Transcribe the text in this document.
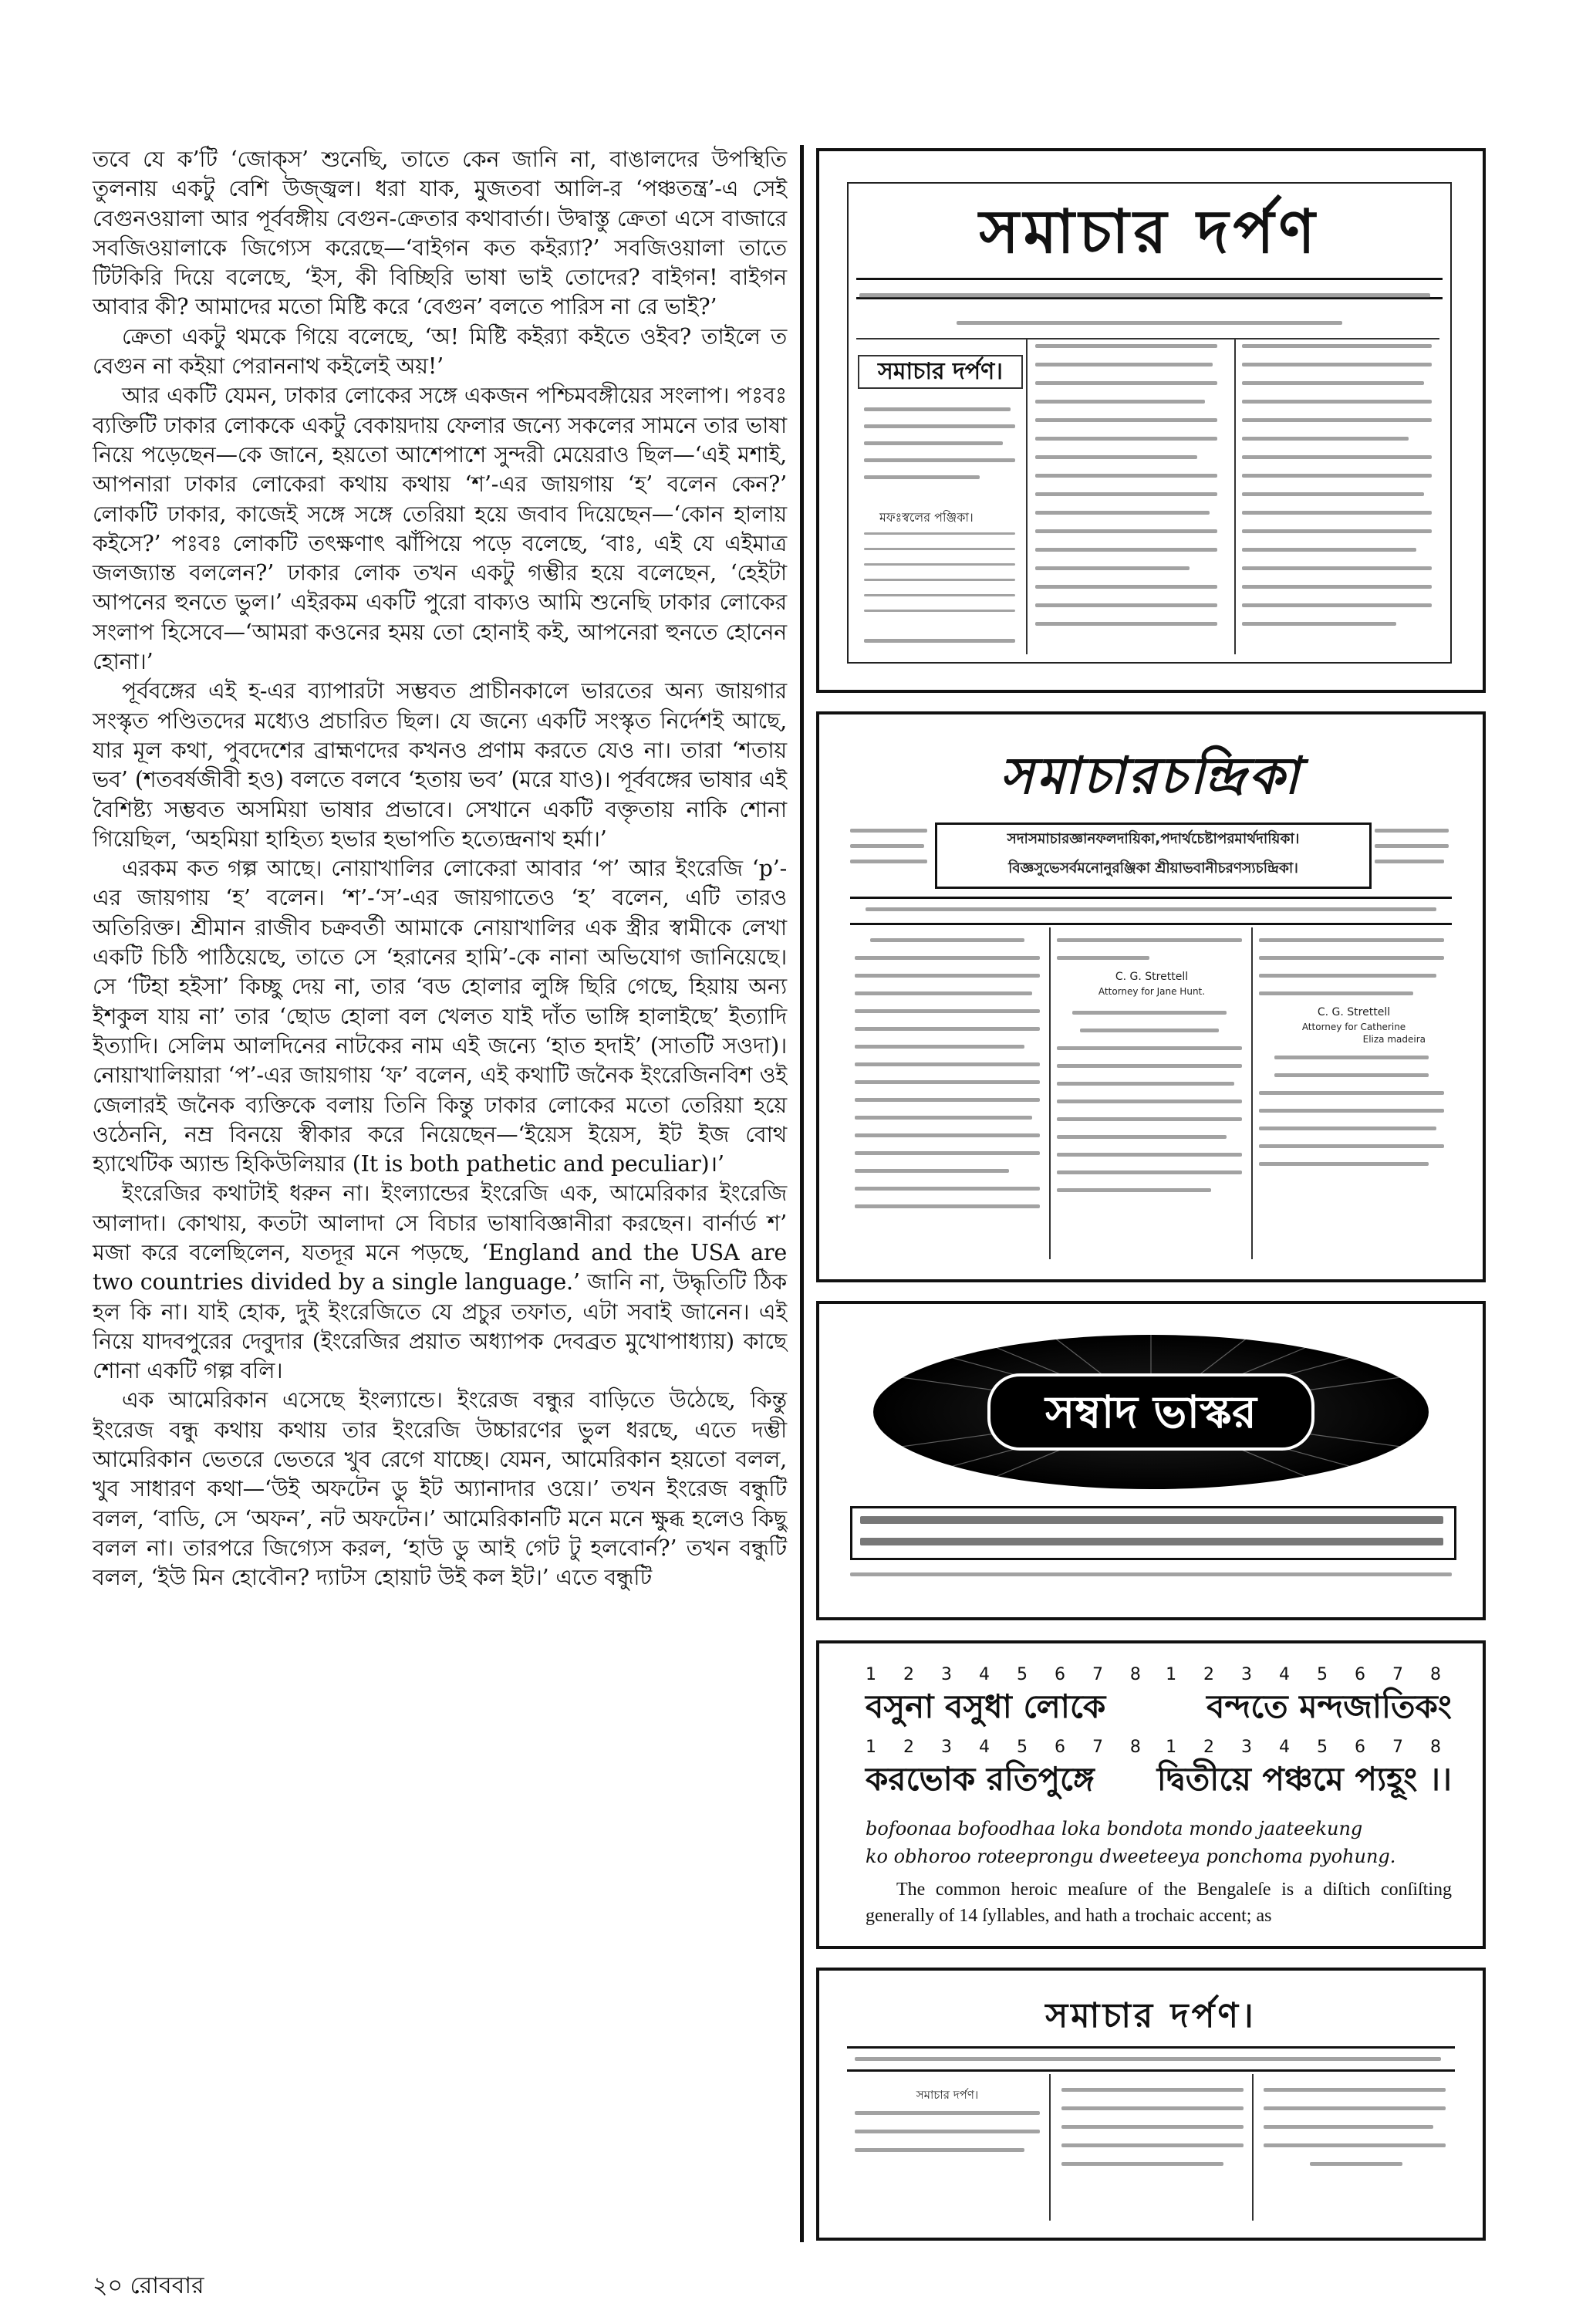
তবে যে ক’টি ‘জোক্‌স’ শুনেছি, তাতে কেন জানি না, বাঙালদের উপস্থিতি তুলনায় একটু বেশি উজ্জ্বল। ধরা যাক, মুজতবা আলি-র ‘পঞ্চতন্ত্র’-এ সেই বেগুনওয়ালা আর পূর্ববঙ্গীয় বেগুন-ক্রেতার কথাবার্তা। উদ্বাস্তু ক্রেতা এসে বাজারে সবজিওয়ালাকে জিগ্যেস করেছে—‘বাইগন কত কইর‍্যা?’ সবজিওয়ালা তাতে টিটকিরি দিয়ে বলেছে, ‘ইস, কী বিচ্ছিরি ভাষা ভাই তোদের? বাইগন! বাইগন আবার কী? আমাদের মতো মিষ্টি করে ‘বেগুন’ বলতে পারিস না রে ভাই?’

ক্রেতা একটু থমকে গিয়ে বলেছে, ‘অ! মিষ্টি কইর‍্যা কইতে ওইব? তাইলে ত বেগুন না কইয়া পেরাননাথ কইলেই অয়!’

আর একটি যেমন, ঢাকার লোকের সঙ্গে একজন পশ্চিমবঙ্গীয়ের সংলাপ। পঃবঃ ব্যক্তিটি ঢাকার লোককে একটু বেকায়দায় ফেলার জন্যে সকলের সামনে তার ভাষা নিয়ে পড়েছেন—কে জানে, হয়তো আশেপাশে সুন্দরী মেয়েরাও ছিল—‘এই মশাই, আপনারা ঢাকার লোকেরা কথায় কথায় ‘শ’-এর জায়গায় ‘হ’ বলেন কেন?’ লোকটি ঢাকার, কাজেই সঙ্গে সঙ্গে তেরিয়া হয়ে জবাব দিয়েছেন—‘কোন হালায় কইসে?’ পঃবঃ লোকটি তৎক্ষণাৎ ঝাঁপিয়ে পড়ে বলেছে, ‘বাঃ, এই যে এইমাত্র জলজ্যান্ত বললেন?’ ঢাকার লোক তখন একটু গম্ভীর হয়ে বলেছেন, ‘হেইটা আপনের হুনতে ভুল।’ এইরকম একটি পুরো বাক্যও আমি শুনেছি ঢাকার লোকের সংলাপ হিসেবে—‘আমরা কওনের হময় তো হোনাই কই, আপনেরা হুনতে হোনেন হোনা।’

পূর্ববঙ্গের এই হ-এর ব্যাপারটা সম্ভবত প্রাচীনকালে ভারতের অন্য জায়গার সংস্কৃত পণ্ডিতদের মধ্যেও প্রচারিত ছিল। যে জন্যে একটি সংস্কৃত নির্দেশই আছে, যার মূল কথা, পুবদেশের ব্রাহ্মণদের কখনও প্রণাম করতে যেও না। তারা ‘শতায় ভব’ (শতবর্ষজীবী হও) বলতে বলবে ‘হতায় ভব’ (মরে যাও)। পূর্ববঙ্গের ভাষার এই বৈশিষ্ট্য সম্ভবত অসমিয়া ভাষার প্রভাবে। সেখানে একটি বক্তৃতায় নাকি শোনা গিয়েছিল, ‘অহমিয়া হাহিত্য হভার হভাপতি হত্যেন্দ্রনাথ হর্মা।’

এরকম কত গল্প আছে। নোয়াখালির লোকেরা আবার ‘প’ আর ইংরেজি ‘p’-এর জায়গায় ‘হ’ বলেন। ‘শ’-‘স’-এর জায়গাতেও ‘হ’ বলেন, এটি তারও অতিরিক্ত। শ্রীমান রাজীব চক্রবর্তী আমাকে নোয়াখালির এক স্ত্রীর স্বামীকে লেখা একটি চিঠি পাঠিয়েছে, তাতে সে ‘হরানের হামি’-কে নানা অভিযোগ জানিয়েছে। সে ‘টিহা হইসা’ কিচ্ছু দেয় না, তার ‘বড হোলার লুঙ্গি ছিরি গেছে, হিয়ায় অন্য ইশকুল যায় না’ তার ‘ছোড হোলা বল খেলত যাই দাঁত ভাঙ্গি হালাইছে’ ইত্যাদি ইত্যাদি। সেলিম আলদিনের নাটকের নাম এই জন্যে ‘হাত হদাই’ (সাতটি সওদা)। নোয়াখালিয়ারা ‘প’-এর জায়গায় ‘ফ’ বলেন, এই কথাটি জনৈক ইংরেজিনবিশ ওই জেলারই জনৈক ব্যক্তিকে বলায় তিনি কিন্তু ঢাকার লোকের মতো তেরিয়া হয়ে ওঠেননি, নম্র বিনয়ে স্বীকার করে নিয়েছেন—‘ইয়েস ইয়েস, ইট ইজ বোথ হ্যাথেটিক অ্যান্ড হিকিউলিয়ার (It is both pathetic and peculiar)।’

ইংরেজির কথাটাই ধরুন না। ইংল্যান্ডের ইংরেজি এক, আমেরিকার ইংরেজি আলাদা। কোথায়, কতটা আলাদা সে বিচার ভাষাবিজ্ঞানীরা করছেন। বার্নার্ড শ’ মজা করে বলেছিলেন, যতদূর মনে পড়ছে, ‘England and the USA are two countries divided by a single language.’ জানি না, উদ্ধৃতিটি ঠিক হল কি না। যাই হোক, দুই ইংরেজিতে যে প্রচুর তফাত, এটা সবাই জানেন। এই নিয়ে যাদবপুরের দেবুদার (ইংরেজির প্রয়াত অধ্যাপক দেবব্রত মুখোপাধ্যায়) কাছে শোনা একটি গল্প বলি।

এক আমেরিকান এসেছে ইংল্যান্ডে। ইংরেজ বন্ধুর বাড়িতে উঠেছে, কিন্তু ইংরেজ বন্ধু কথায় কথায় তার ইংরেজি উচ্চারণের ভুল ধরছে, এতে দম্ভী আমেরিকান ভেতরে ভেতরে খুব রেগে যাচ্ছে। যেমন, আমেরিকান হয়তো বলল, খুব সাধারণ কথা—‘উই অফটেন ডু ইট অ্যানাদার ওয়ে।’ তখন ইংরেজ বন্ধুটি বলল, ‘বাডি, সে ‘অফন’, নট অফটেন।’ আমেরিকানটি মনে মনে ক্ষুব্ধ হলেও কিছু বলল না। তারপরে জিগ্যেস করল, ‘হাউ ডু আই গেট টু হলবোর্ন?’ তখন বন্ধুটি বলল, ‘ইউ মিন হোবৌন? দ্যাটস হোয়াট উই কল ইট।’ এতে বন্ধুটি

২০ রোববার
সমাচার দর্পণ
সমাচার দর্পণ।
মফঃস্বলের পঞ্জিকা।
সমাচারচন্দ্রিকা
সদাসমাচারজ্ঞানফলদায়িকা,পদার্থচেষ্টাপরমার্থদায়িকা।
বিজ্ঞসুভেসর্বমনোনুরঞ্জিকা শ্রীয়াভবানীচরণস্যচন্দ্রিকা।
C. G. Strettell
Attorney for Jane Hunt.
C. G. Strettell
Attorney for Catherine
Eliza madeira
সম্বাদ ভাস্কর
1 2 3 4 5 6 7 8 1 2 3 4 5 6 7 8
বসুনা বসুধা লোকে	বন্দতে মন্দজাতিকং
1 2 3 4 5 6 7 8 1 2 3 4 5 6 7 8
করভোক রতিপুঙ্গে দ্বিতীয়ে পঞ্চমে প্যহূং ।।
bofoonaa bofoodhaa loka bondota mondo jaateekung
ko obhoroo roteeprongu dweeteeya ponchoma pyohung.
The common heroic meaſure of the Bengaleſe is a diſtich conſiſting generally of 14 ſyllables, and hath a trochaic accent; as
সমাচার দর্পণ।
সমাচার দর্পণ।
